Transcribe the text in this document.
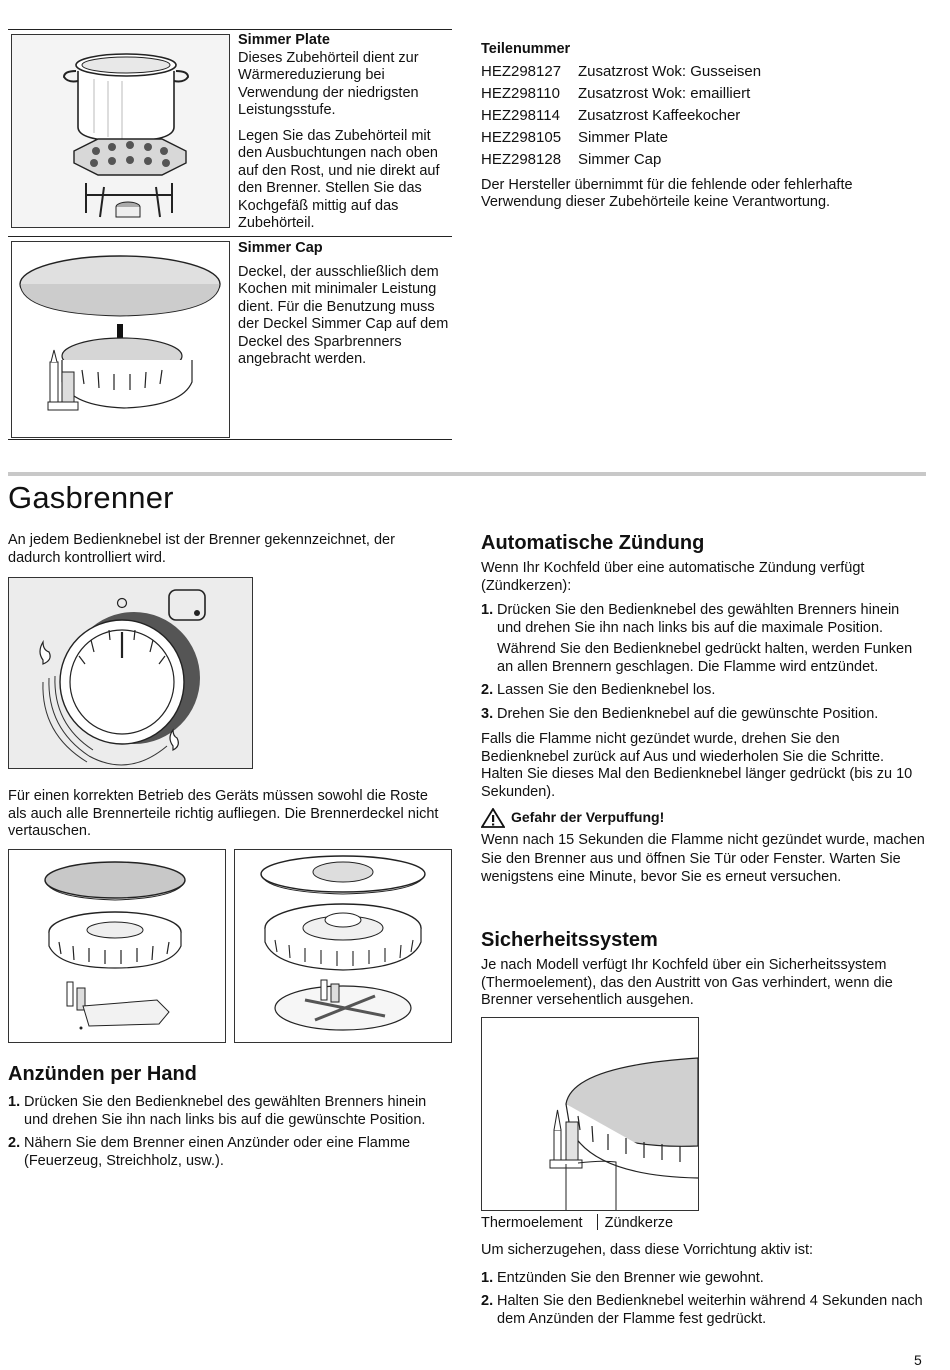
Simmer Plate

Dieses Zubehörteil dient zur Wärmereduzierung bei Verwendung der niedrigsten Leistungsstufe.

Legen Sie das Zubehörteil mit den Ausbuchtungen nach oben auf den Rost, und nie direkt auf den Brenner. Stellen Sie das Kochgefäß mittig auf das Zubehörteil.

Simmer Cap

Deckel, der ausschließlich dem Kochen mit minimaler Leistung dient. Für die Benutzung muss der Deckel Simmer Cap auf dem Deckel des Sparbrenners angebracht werden.

Teilenummer
HEZ298127	Zusatzrost Wok: Gusseisen
HEZ298110	Zusatzrost Wok: emailliert
HEZ298114	Zusatzrost Kaffeekocher
HEZ298105	Simmer Plate
HEZ298128	Simmer Cap

Der Hersteller übernimmt für die fehlende oder fehlerhafte Verwendung dieser Zubehörteile keine Verantwortung.

Gasbrenner

An jedem Bedienknebel ist der Brenner gekennzeichnet, der dadurch kontrolliert wird.

Für einen korrekten Betrieb des Geräts müssen sowohl die Roste als auch alle Brennerteile richtig aufliegen. Die Brennerdeckel nicht vertauschen.

Anzünden per Hand
1. Drücken Sie den Bedienknebel des gewählten Brenners hinein und drehen Sie ihn nach links bis auf die gewünschte Position.
2. Nähern Sie dem Brenner einen Anzünder oder eine Flamme (Feuerzeug, Streichholz, usw.).
Automatische Zündung

Wenn Ihr Kochfeld über eine automatische Zündung verfügt (Zündkerzen):

1. Drücken Sie den Bedienknebel des gewählten Brenners hinein und drehen Sie ihn nach links bis auf die maximale Position.
Während Sie den Bedienknebel gedrückt halten, werden Funken an allen Brennern geschlagen. Die Flamme wird entzündet.
2. Lassen Sie den Bedienknebel los.
3. Drehen Sie den Bedienknebel auf die gewünschte Position.

Falls die Flamme nicht gezündet wurde, drehen Sie den Bedienknebel zurück auf Aus und wiederholen Sie die Schritte. Halten Sie dieses Mal den Bedienknebel länger gedrückt (bis zu 10 Sekunden).

Gefahr der Verpuffung!

Wenn nach 15 Sekunden die Flamme nicht gezündet wurde, machen Sie den Brenner aus und öffnen Sie Tür oder Fenster. Warten Sie wenigstens eine Minute, bevor Sie es erneut versuchen.

Sicherheitssystem

Je nach Modell verfügt Ihr Kochfeld über ein Sicherheitssystem (Thermoelement), das den Austritt von Gas verhindert, wenn die Brenner versehentlich ausgehen.

Thermoelement Zündkerze

Um sicherzugehen, dass diese Vorrichtung aktiv ist:

1. Entzünden Sie den Brenner wie gewohnt.
2. Halten Sie den Bedienknebel weiterhin während 4 Sekunden nach dem Anzünden der Flamme fest gedrückt.
5
